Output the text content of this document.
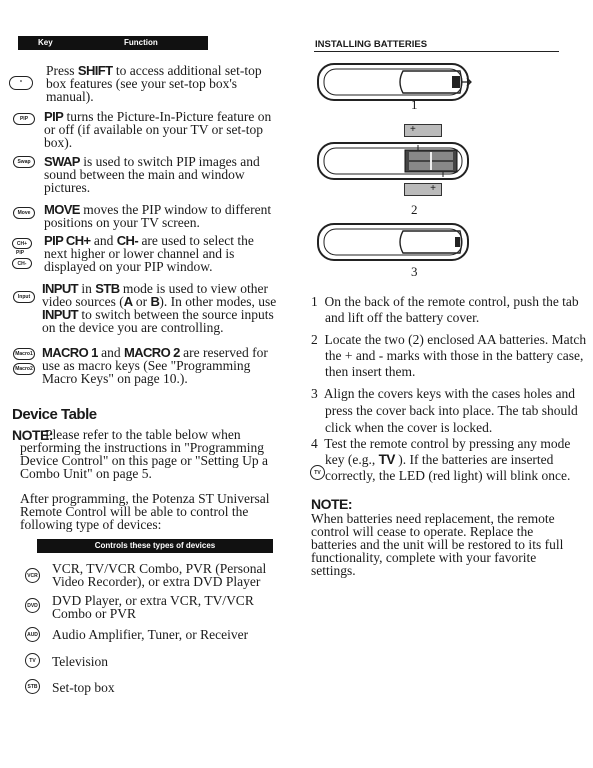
Key	Function
*

Press SHIFT to access additional set-top box features (see your set-top box's manual).

PIP PIP turns the Picture-In-Picture feature on or off (if available on your TV or set-top box).

Swap SWAP is used to switch PIP images and sound between the main and window pictures.

Move MOVE moves the PIP window to different positions on your TV screen.

CH+
PIP
CH-

PIP CH+ and CH- are used to select the next higher or lower channel and is displayed on your PIP window.

Input

INPUT in STB mode is used to view other video sources (A or B). In other modes, use INPUT to switch between the source inputs on the device you are controlling.

Macro1
Macro2

MACRO 1 and MACRO 2 are reserved for use as macro keys (See "Programming Macro Keys" on page 10.).

Device Table
NOTE:

Please refer to the table below when performing the instructions in "Programming Device Control" on this page or "Setting Up a Combo Unit" on page 5.

After programming, the Potenza ST Universal Remote Control will be able to control the following type of devices:

Controls these types of devices
VCR VCR, TV/VCR Combo, PVR (Personal Video Recorder), or extra DVD Player
DVD DVD Player, or extra VCR, TV/VCR Combo or PVR
AUD Audio Amplifier, Tuner, or Receiver
TV Television
STB Set-top box
INSTALLING BATTERIES
1
+
+
2
3
1 On the back of the remote control, push the tab and lift off the battery cover.
2 Locate the two (2) enclosed AA batteries. Match the + and - marks with those in the battery case, then insert them.
3 Align the covers keys with the cases holes and press the cover back into place. The tab should click when the cover is locked.
4 Test the remote control by pressing any mode key (e.g., TV ). If the batteries are inserted correctly, the LED (red light) will blink once.
TV
NOTE:

When batteries need replacement, the remote control will cease to operate. Replace the batteries and the unit will be restored to its full functionality, complete with your favorite settings.
